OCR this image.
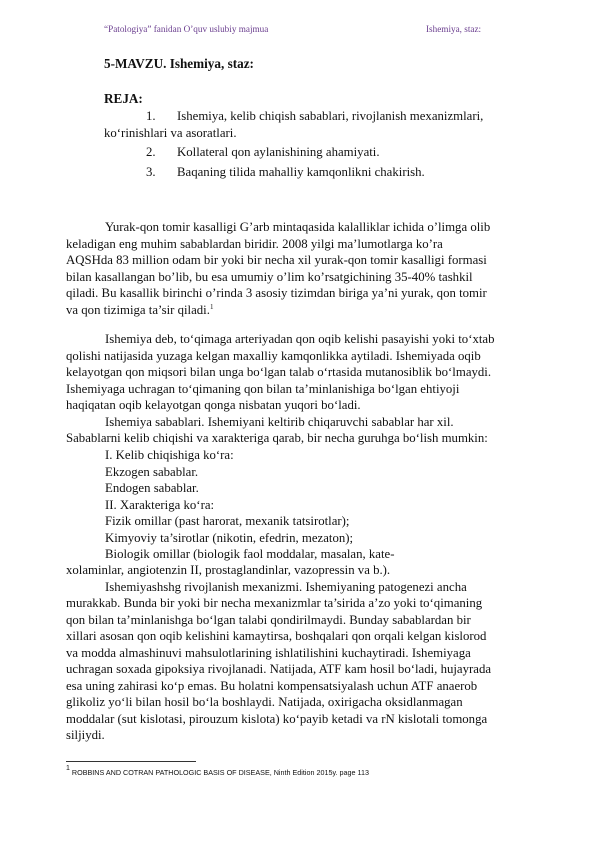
“Patologiya” fanidan O’quv uslubiy majmua	Ishemiya, staz:
5-MAVZU. Ishemiya, staz:
REJA:
1.	Ishemiya, kelib chiqish sabablari, rivojlanish mexanizmlari,
ko‘rinishlari va asoratlari.
2.	Kollateral qon aylanishining ahamiyati.
3.	Baqaning tilida mahalliy kamqonlikni chakirish.
Yurak-qon tomir kasalligi G’arb mintaqasida kalalliklar ichida o’limga olib
keladigan eng muhim sabablardan biridir. 2008 yilgi ma’lumotlarga ko’ra
AQSHda 83 million odam bir yoki bir necha xil yurak-qon tomir kasalligi formasi
bilan kasallangan bo’lib, bu esa umumiy o’lim ko’rsatgichining 35-40% tashkil
qiladi. Bu kasallik birinchi o’rinda 3 asosiy tizimdan biriga ya’ni yurak, qon tomir
va qon tizimiga ta’sir qiladi.$^1$
Ishemiya deb, to‘qimaga arteriyadan qon oqib kelishi pasayishi yoki to‘xtab
qolishi natijasida yuzaga kelgan maxalliy kamqonlikka aytiladi. Ishemiyada oqib
kelayotgan qon miqsori bilan unga bo‘lgan talab o‘rtasida mutanosiblik bo‘lmaydi.
Ishemiyaga uchragan to‘qimaning qon bilan ta’minlanishiga bo‘lgan ehtiyoji
haqiqatan oqib kelayotgan qonga nisbatan yuqori bo‘ladi.
Ishemiya sabablari. Ishemiyani keltirib chiqaruvchi sabablar har xil.
Sabablarni kelib chiqishi va xarakteriga qarab, bir necha guruhga bo‘lish mumkin:
I. Kelib chiqishiga ko‘ra:
Ekzogen sabablar.
Endogen sabablar.
II. Xarakteriga ko‘ra:
Fizik omillar (past harorat, mexanik tatsirotlar);
Kimyoviy ta’sirotlar (nikotin, efedrin, mezaton);
Biologik omillar (biologik faol moddalar, masalan, kate-
xolaminlar, angiotenzin II, prostaglandinlar, vazopressin va b.).
Ishemiyashshg rivojlanish mexanizmi. Ishemiyaning patogenezi ancha
murakkab. Bunda bir yoki bir necha mexanizmlar ta’sirida a’zo yoki to‘qimaning
qon bilan ta’minlanishga bo‘lgan talabi qondirilmaydi. Bunday sabablardan bir
xillari asosan qon oqib kelishini kamaytirsa, boshqalari qon orqali kelgan kislorod
va modda almashinuvi mahsulotlarining ishlatilishini kuchaytiradi. Ishemiyaga
uchragan soxada gipoksiya rivojlanadi. Natijada, ATF kam hosil bo‘ladi, hujayrada
esa uning zahirasi ko‘p emas. Bu holatni kompensatsiyalash uchun ATF anaerob
glikoliz yo‘li bilan hosil bo‘la boshlaydi. Natijada, oxirigacha oksidlanmagan
moddalar (sut kislotasi, pirouzum kislota) ko‘payib ketadi va rN kislotali tomonga
siljiydi.
$^1$ ROBBINS AND COTRAN PATHOLOGIC BASIS OF DISEASE, Ninth Edition 2015y. page 113
